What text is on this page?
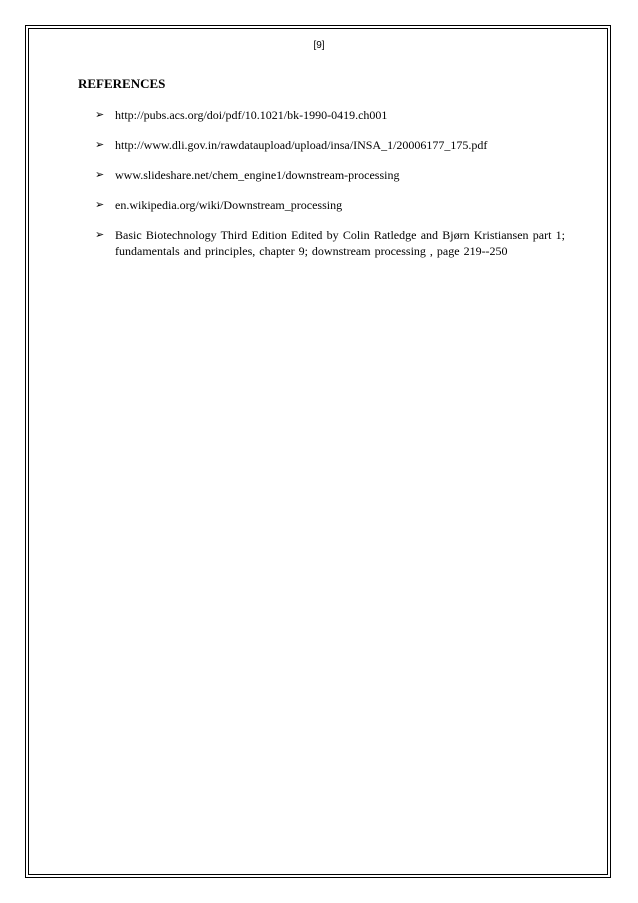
[9]
REFERENCES
➢ http://pubs.acs.org/doi/pdf/10.1021/bk-1990-0419.ch001
➢ http://www.dli.gov.in/rawdataupload/upload/insa/INSA_1/20006177_175.pdf
➢ www.slideshare.net/chem_engine1/downstream-processing
➢ en.wikipedia.org/wiki/Downstream_processing
➢ Basic Biotechnology Third Edition Edited by Colin Ratledge and Bjørn Kristiansen part 1; fundamentals and principles, chapter 9; downstream processing , page 219--250
